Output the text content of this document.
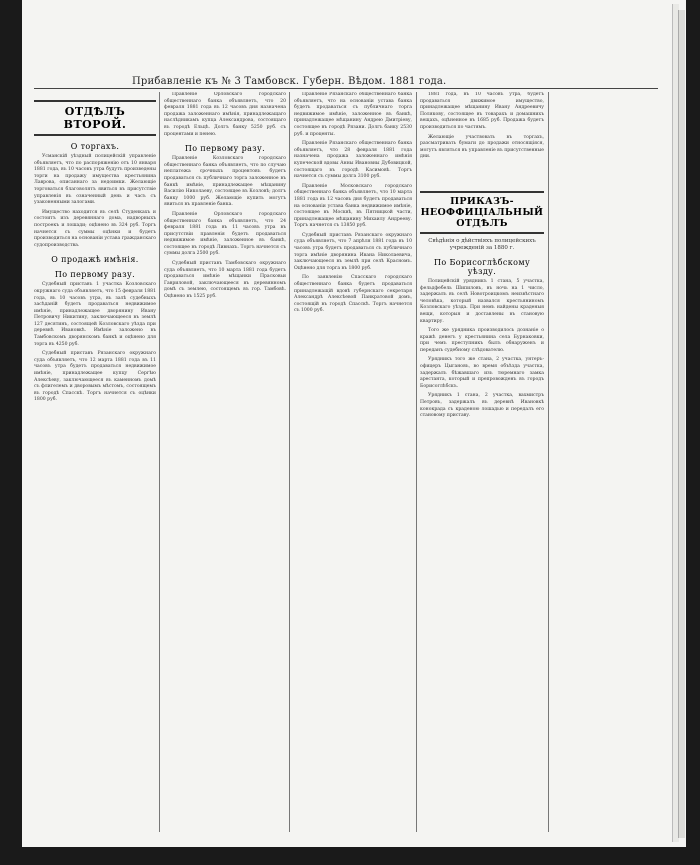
Прибавленiе къ № 3 Тамбовск. Губерн. Вѣдом. 1881 года.
ОТДѢЛЪ ВТОРОЙ.
О торгахъ.

Усманскiй уѣздный полицейскiй управленiе объявляетъ, что по распоряженiю отъ 10 января 1881 года, въ 10 часовъ утра будутъ произведены торги на продажу имущества крестьянина Лаврова, описаннаго за недоимки. Желающiе торговаться благоволятъ явиться въ присутствiе управленiя въ означенный день и часъ съ узаконенными залогами.

Имущество находится въ селѣ Студенкахъ и состоитъ изъ деревяннаго дома, надворныхъ построекъ и лошади; оцѣнено въ 324 руб. Торгъ начнется съ суммы оцѣнки и будетъ производиться на основанiи устава гражданскаго судопроизводства.

О продажѣ имѣнiя.
По первому разу.

Судебный приставъ 1 участка Козловскаго окружнаго суда объявляетъ, что 15 февраля 1881 года, въ 10 часовъ утра, въ залѣ судебныхъ засѣданiй будетъ продаваться недвижимое имѣнiе, принадлежащее дворянину Ивану Петровичу Никитину, заключающееся въ землѣ 127 десятинъ, состоящей Козловскаго уѣзда при деревнѣ Ивановкѣ. Имѣнiе заложено въ Тамбовскомъ дворянскомъ банкѣ и оцѣнено для торга въ 4250 руб.

Судебный приставъ Рязанскаго окружнаго суда объявляетъ, что 12 марта 1881 года въ 11 часовъ утра будетъ продаваться недвижимое имѣнiе, принадлежащее купцу Сергѣю Алексѣеву, заключающееся въ каменномъ домѣ съ флигелемъ и дворовымъ мѣстомъ, состоящемъ въ городѣ Спасскѣ. Торгъ начнется съ оцѣнки 1800 руб.

Правленiе Орловскаго городскаго общественнаго банка объявляетъ, что 20 февраля 1881 года въ 12 часовъ дня назначена продажа заложеннаго имѣнiя, принадлежащаго наслѣдникамъ купца Александрова, состоящаго въ городѣ Ельцѣ. Долгъ банку 5250 руб. съ процентами и пенею.

По первому разу.

Правленiе Козловскаго городскаго общественнаго банка объявляетъ, что по случаю неплатежа срочныхъ процентовъ будетъ продаваться съ публичнаго торга заложенное въ банкѣ имѣнiе, принадлежащее мѣщанину Василiю Николаеву, состоящее въ Козловѣ; долгъ банку 1000 руб. Желающiе купить могутъ явиться въ правленiе банка.

Правленiе Орловскаго городскаго общественнаго банка объявляетъ, что 24 февраля 1881 года въ 11 часовъ утра въ присутствiи правленiя будетъ продаваться недвижимое имѣнiе, заложенное въ банкѣ, состоящее въ городѣ Ливнахъ. Торгъ начнется съ суммы долга 2500 руб.

Судебный приставъ Тамбовскаго окружнаго суда объявляетъ, что 10 марта 1881 года будетъ продаваться имѣнiе мѣщанки Прасковьи Гавриловой, заключающееся въ деревянномъ домѣ съ землею, состоящемъ въ гор. Тамбовѣ. Оцѣнено въ 1525 руб.

Правленiе Рязанскаго общественнаго банка объявляетъ, что на основанiи устава банка будетъ продаваться съ публичнаго торга недвижимое имѣнiе, заложенное въ банкѣ, принадлежащее мѣщанину Андрею Дмитрiеву, состоящее въ городѣ Рязани. Долгъ банку 2530 руб. и проценты.

Правленiе Рязанскаго общественнаго банка объявляетъ, что 28 февраля 1881 года назначена продажа заложеннаго имѣнiя купеческой вдовы Анны Ивановны Дубовицкой, состоящаго въ городѣ Касимовѣ. Торгъ начнется съ суммы долга 3100 руб.

Правленiе Московскаго городскаго общественнаго банка объявляетъ, что 10 марта 1881 года въ 12 часовъ дня будетъ продаваться на основанiи устава банка недвижимое имѣнiе, состоящее въ Москвѣ, въ Пятницкой части, принадлежащее мѣщанину Михаилу Андрееву. Торгъ начнется съ 13850 руб.

Судебный приставъ Рязанскаго окружнаго суда объявляетъ, что 7 апрѣля 1881 года въ 10 часовъ утра будетъ продаваться съ публичнаго торга имѣнiе дворянина Ивана Николаевича, заключающееся въ землѣ при селѣ Красномъ. Оцѣнено для торга въ 1800 руб.

По заявленiю Спасскаго городскаго общественнаго банка будетъ продаваться принадлежащiй вдовѣ губернскаго секретаря Александрѣ Алексѣевой Панкратовой домъ, состоящiй въ городѣ Спасскѣ. Торгъ начнется съ 1000 руб.

1881 года, въ 10 часовъ утра, будетъ продаваться движимое имущество, принадлежащее мѣщанину Ивану Андреевичу Полякову, состоящее въ товарахъ и домашнихъ вещахъ, оцѣненное въ 1685 руб. Продажа будетъ производиться по частямъ.

Желающiе участвовать въ торгахъ, разсматривать бумаги до продажи относящiяся, могутъ являться въ управленiе въ присутственные дни.

ПРИКАЗЪ-НЕОФФИЦIАЛЬНЫЙ ОТДѢЛЪ
Свѣдѣнiя о дѣйствiяхъ полицейскихъ учрежденiй за 1880 г.
По Борисоглѣбскому уѣзду.

Полицейскiй урядникъ 1 стана, 5 участка, фельдфебель Шипиловъ, въ ночь на 1 число, задержалъ въ селѣ Новотроицкомъ неизвѣстнаго человѣка, который назвался крестьяниномъ Козловскаго уѣзда. При немъ найдены краденыя вещи, которыя и доставлены въ становую квартиру.

Того же урядника производилось дознанiе о кражѣ денегъ у крестьянина села Бурнаковки, при чемъ преступникъ былъ обнаруженъ и переданъ судебному слѣдователю.

Урядникъ того же стана, 2 участка, унтеръ-офицеръ Цыгановъ, во время объѣзда участка, задержалъ бѣжавшаго изъ тюремнаго замка арестанта, который и препровожденъ въ городъ Борисоглѣбскъ.

Урядникъ 1 стана, 2 участка, вахмистръ Петровъ, задержалъ въ деревнѣ Ивановкѣ конокрада съ краденою лошадью и передалъ его становому приставу.
